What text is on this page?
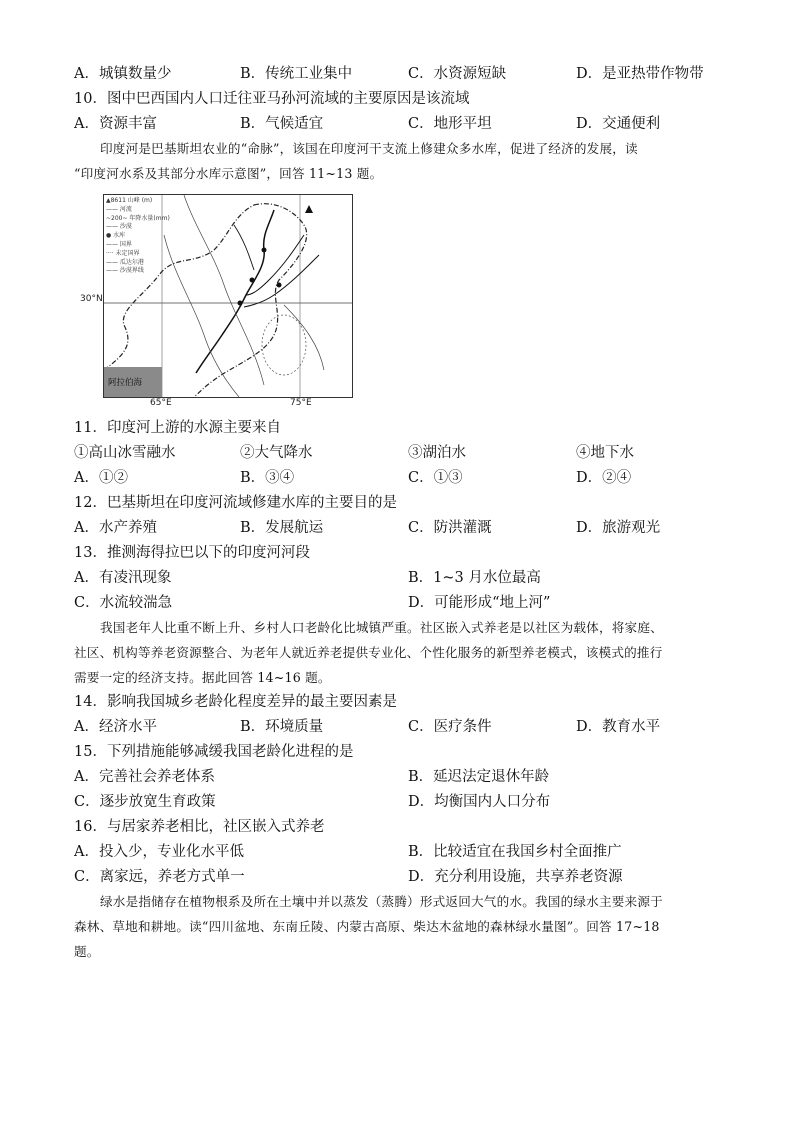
A．城镇数量少	B．传统工业集中	C．水资源短缺	D．是亚热带作物带
10．图中巴西国内人口迁往亚马孙河流域的主要原因是该流域
A．资源丰富	B．气候适宜	C．地形平坦	D．交通便利
印度河是巴基斯坦农业的“命脉”，该国在印度河干支流上修建众多水库，促进了经济的发展，读
“印度河水系及其部分水库示意图”，回答 11~13 题。
30°N
▲8611 山峰 (m)
—— 河流
~200~ 年降水量(mm)
—— 沙漠
● 水库
—— 国界
···· 未定国界
—— 瓜达尔港
—— 沙漠界线
阿拉伯海
65°E	75°E
11．印度河上游的水源主要来自
①高山冰雪融水	②大气降水	③湖泊水	④地下水
A．①②	B．③④	C．①③	D．②④
12．巴基斯坦在印度河流域修建水库的主要目的是
A．水产养殖	B．发展航运	C．防洪灌溉	D．旅游观光
13．推测海得拉巴以下的印度河河段
A．有凌汛现象	B．1~3 月水位最高
C．水流较湍急	D．可能形成“地上河”
我国老年人比重不断上升、乡村人口老龄化比城镇严重。社区嵌入式养老是以社区为载体，将家庭、
社区、机构等养老资源整合、为老年人就近养老提供专业化、个性化服务的新型养老模式，该模式的推行
需要一定的经济支持。据此回答 14~16 题。
14．影响我国城乡老龄化程度差异的最主要因素是
A．经济水平	B．环境质量	C．医疗条件	D．教育水平
15．下列措施能够减缓我国老龄化进程的是
A．完善社会养老体系	B．延迟法定退休年龄
C．逐步放宽生育政策	D．均衡国内人口分布
16．与居家养老相比，社区嵌入式养老
A．投入少，专业化水平低	B．比较适宜在我国乡村全面推广
C．离家远，养老方式单一	D．充分利用设施，共享养老资源
绿水是指储存在植物根系及所在土壤中并以蒸发（蒸腾）形式返回大气的水。我国的绿水主要来源于
森林、草地和耕地。读“四川盆地、东南丘陵、内蒙古高原、柴达木盆地的森林绿水量图”。回答 17~18
题。
